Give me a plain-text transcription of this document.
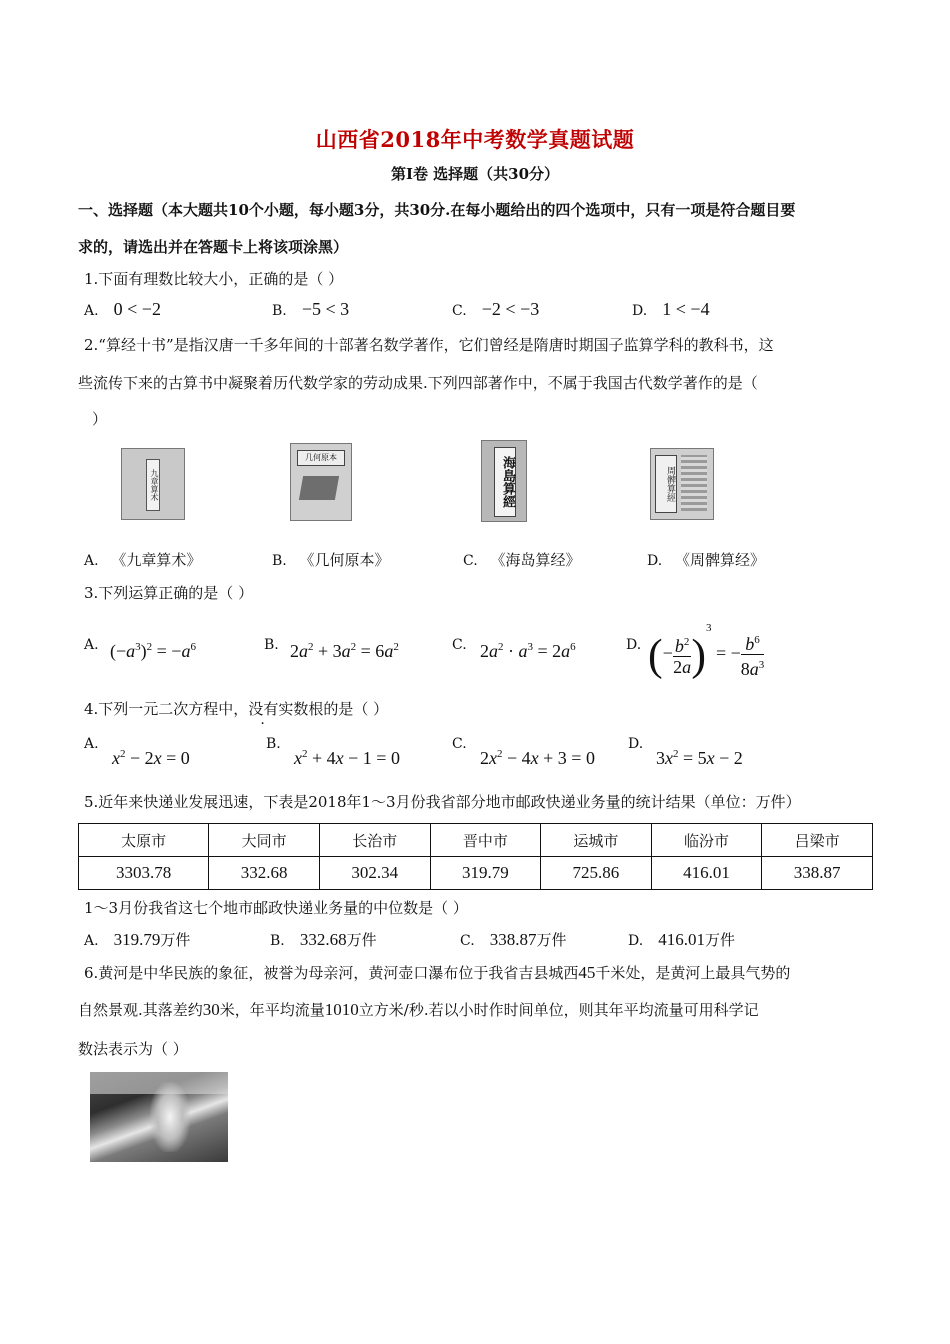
山西省2018年中考数学真题试题
第Ⅰ卷 选择题（共30分）
一、选择题（本大题共10个小题，每小题3分，共30分.在每小题给出的四个选项中，只有一项是符合题目要
求的，请选出并在答题卡上将该项涂黑）
1.下面有理数比较大小，正确的是（ ）
A. 0 < −2	B. −5 < 3	C. −2 < −3	D. 1 < −4
2.“算经十书”是指汉唐一千多年间的十部著名数学著作，它们曾经是隋唐时期国子监算学科的教科书，这
些流传下来的古算书中凝聚着历代数学家的劳动成果.下列四部著作中，不属于我国古代数学著作的是（
）
九章算术
几何原本	海島算經	周髀算經
A. 《九章算术》	B. 《几何原本》	C. 《海岛算经》	D. 《周髀算经》
3.下列运算正确的是（ ）
A. $(-a^3)^2 = -a^6$	B. $2a^2 + 3a^2 = 6a^2$	C. $2a^2 \cdot a^3 = 2a^6$	D. (− $\frac{b^2}{2a} )^3$ = − $\frac{b^6}{8a^3}$
4.下列一元二次方程中，没有实数根的是（ ）
A.
$x^2 - 2x = 0$
B.
$x^2 + 4x - 1 = 0$
C.
$2x^2 - 4x + 3 = 0$
D.
$3x^2 = 5x - 2$
5.近年来快递业发展迅速，下表是2018年1～3月份我省部分地市邮政快递业务量的统计结果（单位：万件）
太原市	大同市	长治市	晋中市	运城市	临汾市	吕梁市
3303.78	332.68	302.34	319.79	725.86	416.01	338.87
1～3月份我省这七个地市邮政快递业务量的中位数是（ ）
A. 319.79万件	B. 332.68万件	C. 338.87万件	D. 416.01万件
6.黄河是中华民族的象征，被誉为母亲河，黄河壶口瀑布位于我省吉县城西45千米处，是黄河上最具气势的
自然景观.其落差约30米，年平均流量1010立方米/秒.若以小时作时间单位，则其年平均流量可用科学记
数法表示为（ ）
